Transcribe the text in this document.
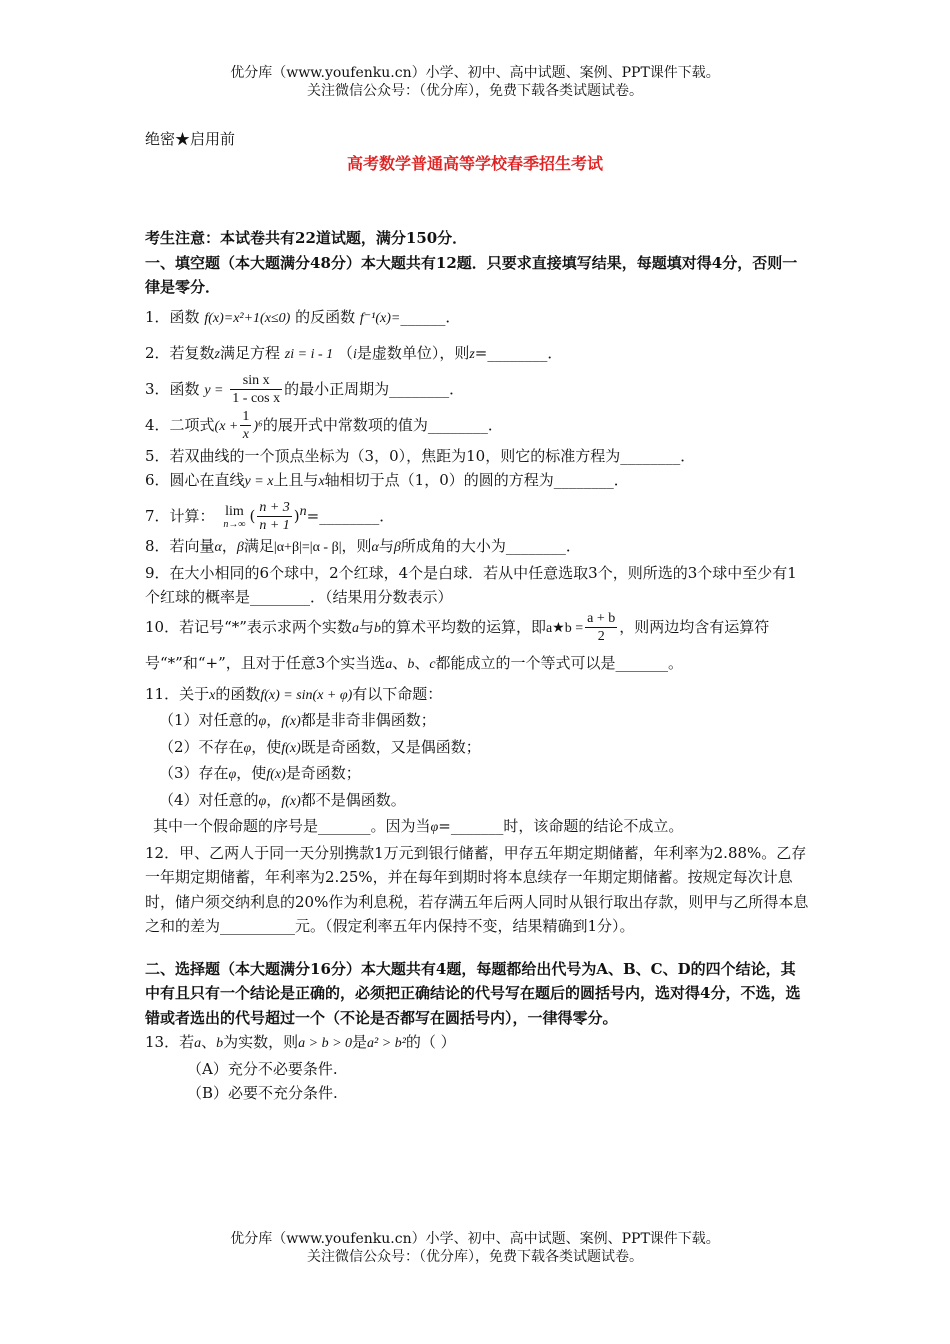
优分库（www.youfenku.cn）小学、初中、高中试题、案例、PPT课件下载。
关注微信公众号：（优分库），免费下载各类试题试卷。
绝密★启用前
高考数学普通高等学校春季招生考试
考生注意：本试卷共有22道试题，满分150分．
一、填空题（本大题满分48分）本大题共有12题．只要求直接填写结果，每题填对得4分，否则一律是零分．
1．函数 f(x)=x²+1(x≤0) 的反函数 f⁻¹(x)=______．
2．若复数z满足方程 zi = i - 1 （i是虚数单位），则z=________．
3．函数 $y = \frac{\text{sin x}}{\text{1 - cos x}}$ 的最小正周期为________．
4．二项式$(x + \frac{1}{x} )^6$的展开式中常数项的值为________．
5．若双曲线的一个顶点坐标为（3，0），焦距为10，则它的标准方程为________．
6．圆心在直线y = x上且与x轴相切于点（1，0）的圆的方程为________．
7．计算： lim
n→∞ ( $\frac{n + 3}{n + 1}$ )$^n$=________．
8．若向量α，β满足|α+β|=|α - β|，则α与β所成角的大小为________．
9．在大小相同的6个球中，2个红球，4个是白球．若从中任意选取3个，则所选的3个球中至少有1个红球的概率是________．（结果用分数表示）
10．若记号“*”表示求两个实数a与b的算术平均数的运算，即a★b = $\frac{a + b}{2}$ ，则两边均含有运算符号“*”和“+”，且对于任意3个实当选a、b、c都能成立的一个等式可以是_______。
11．关于x的函数f(x) = sin(x + φ)有以下命题：
（1）对任意的φ，f(x)都是非奇非偶函数；
（2）不存在φ，使f(x)既是奇函数，又是偶函数；
（3）存在φ，使f(x)是奇函数；
（4）对任意的φ，f(x)都不是偶函数。
其中一个假命题的序号是_______。因为当φ=_______时，该命题的结论不成立。
12．甲、乙两人于同一天分别携款1万元到银行储蓄，甲存五年期定期储蓄，年利率为2.88%。乙存一年期定期储蓄，年利率为2.25%，并在每年到期时将本息续存一年期定期储蓄。按规定每次计息时，储户须交纳利息的20%作为利息税，若存满五年后两人同时从银行取出存款，则甲与乙所得本息之和的差为__________元。（假定利率五年内保持不变，结果精确到1分）。
二、选择题（本大题满分16分）本大题共有4题，每题都给出代号为A、B、C、D的四个结论，其中有且只有一个结论是正确的，必须把正确结论的代号写在题后的圆括号内，选对得4分，不选，选错或者选出的代号超过一个（不论是否都写在圆括号内），一律得零分。
13．若a、b为实数，则a > b > 0是a² > b²的（ ）
（A）充分不必要条件.
（B）必要不充分条件.
优分库（www.youfenku.cn）小学、初中、高中试题、案例、PPT课件下载。
关注微信公众号：（优分库），免费下载各类试题试卷。
